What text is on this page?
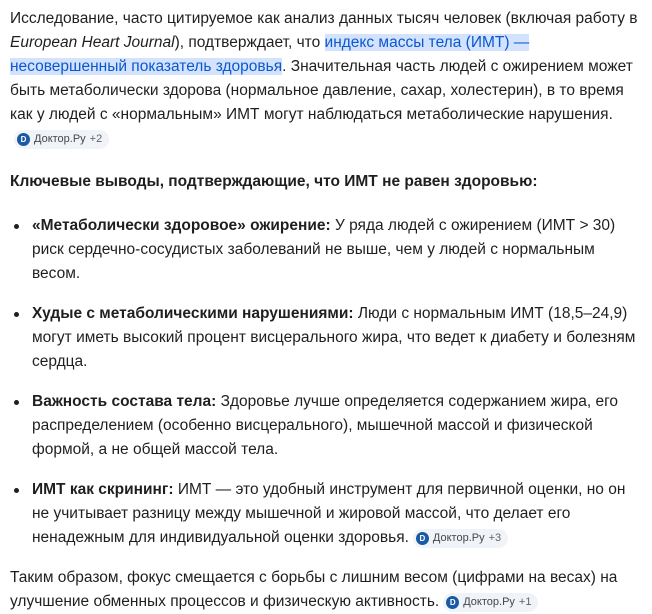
Исследование, часто цитируемое как анализ данных тысяч человек (включая работу в European Heart Journal), подтверждает, что индекс массы тела (ИМТ) — несовершенный показатель здоровья. Значительная часть людей с ожирением может быть метаболически здорова (нормальное давление, сахар, холестерин), в то время как у людей с «нормальным» ИМТ могут наблюдаться метаболические нарушения.
D Доктор.Ру +2

Ключевые выводы, подтверждающие, что ИМТ не равен здоровью:

«Метаболически здоровое» ожирение: У ряда людей с ожирением (ИМТ > 30) риск сердечно-сосудистых заболеваний не выше, чем у людей с нормальным весом.
Худые с метаболическими нарушениями: Люди с нормальным ИМТ (18,5–24,9) могут иметь высокий процент висцерального жира, что ведет к диабету и болезням сердца.
Важность состава тела: Здоровье лучше определяется содержанием жира, его распределением (особенно висцерального), мышечной массой и физической формой, а не общей массой тела.
ИМТ как скрининг: ИМТ — это удобный инструмент для первичной оценки, но он не учитывает разницу между мышечной и жировой массой, что делает его ненадежным для индивидуальной оценки здоровья.	D Доктор.Ру +3

Таким образом, фокус смещается с борьбы с лишним весом (цифрами на весах) на улучшение обменных процессов и физическую активность.	D Доктор.Ру +1
